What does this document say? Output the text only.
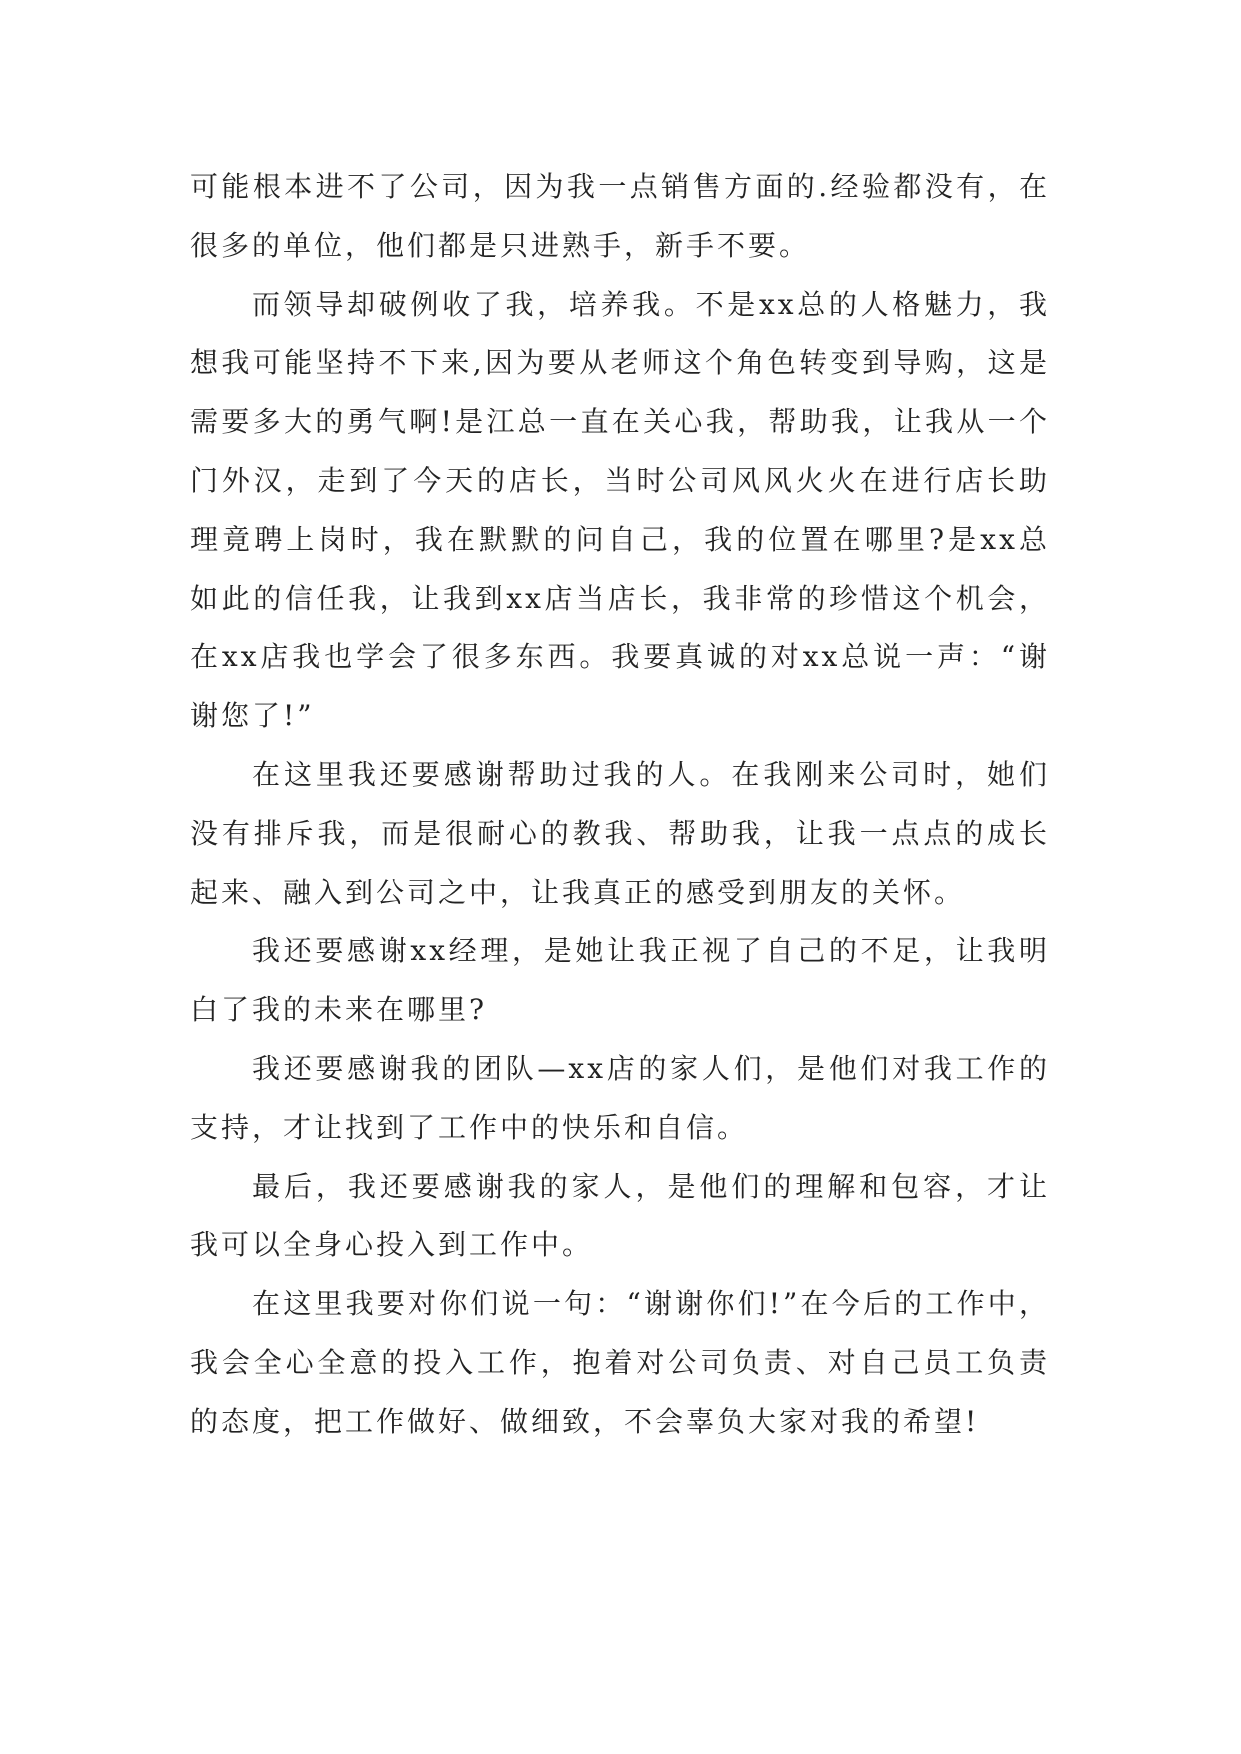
可能根本进不了公司，因为我一点销售方面的.经验都没有，在很多的单位，他们都是只进熟手，新手不要。

而领导却破例收了我，培养我。不是xx总的人格魅力，我想我可能坚持不下来,因为要从老师这个角色转变到导购，这是需要多大的勇气啊!是江总一直在关心我，帮助我，让我从一个门外汉，走到了今天的店长，当时公司风风火火在进行店长助理竟聘上岗时，我在默默的问自己，我的位置在哪里?是xx总如此的信任我，让我到xx店当店长，我非常的珍惜这个机会，在xx店我也学会了很多东西。我要真诚的对xx总说一声：“谢谢您了!”

在这里我还要感谢帮助过我的人。在我刚来公司时，她们没有排斥我，而是很耐心的教我、帮助我，让我一点点的成长起来、融入到公司之中，让我真正的感受到朋友的关怀。

我还要感谢xx经理，是她让我正视了自己的不足，让我明白了我的未来在哪里?

我还要感谢我的团队—xx店的家人们，是他们对我工作的支持，才让找到了工作中的快乐和自信。

最后，我还要感谢我的家人，是他们的理解和包容，才让我可以全身心投入到工作中。

在这里我要对你们说一句：“谢谢你们!”在今后的工作中，我会全心全意的投入工作，抱着对公司负责、对自己员工负责的态度，把工作做好、做细致，不会辜负大家对我的希望!
